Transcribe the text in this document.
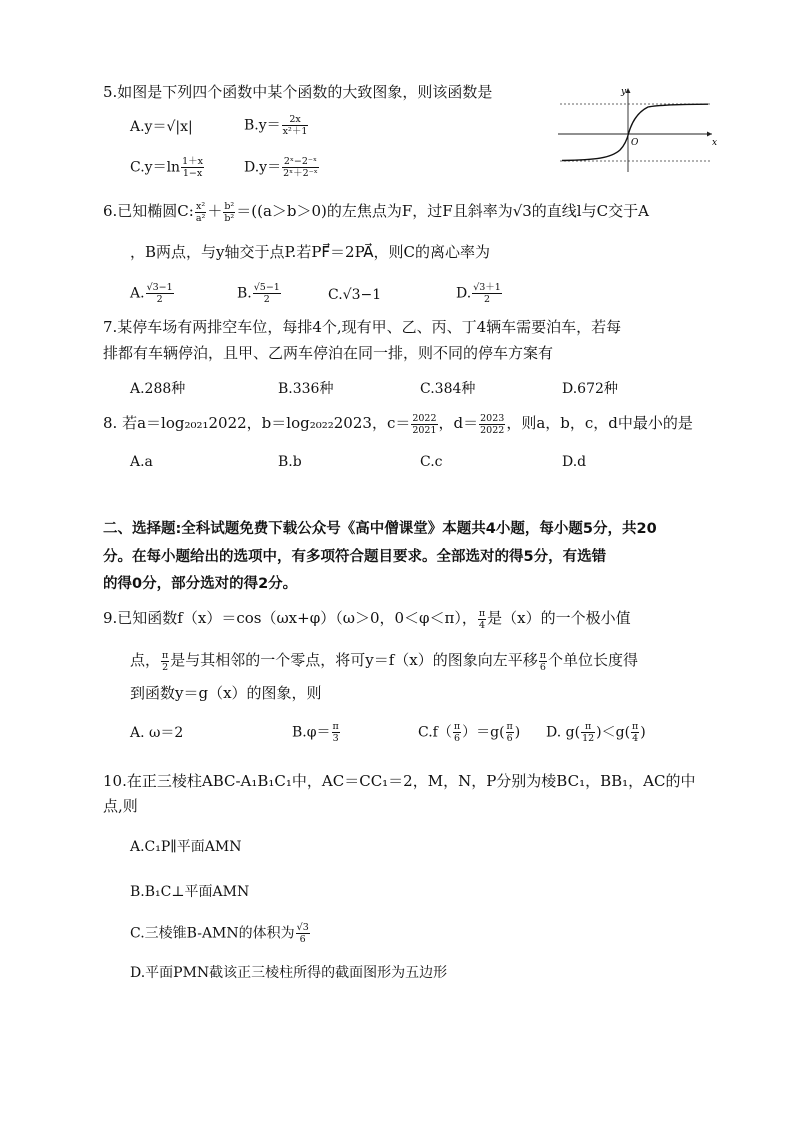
5.如图是下列四个函数中某个函数的大致图象，则该函数是
A.y＝√|x|	$B.y= \frac{2x}{\text{x²＋1}}$
$C.y=\ln \frac{1+x}{1-x}$	$D.y= \frac{\text{2ˣ−2⁻ˣ}}{\text{2ˣ＋2⁻ˣ}}$
y
x
O
6.已知椭圆C: $\frac{\text{x²}}{\text{a²}} + \frac{\text{b²}}{\text{b²}} =((a>b>0)$的左焦点为F，过F且斜率为√3的直线l与C交于A
，B两点，与y轴交于点P.若PF⃗＝2PA⃗，则C的离心率为
A. $\frac{√3-1}{2}$	B. $\frac{√5-1}{2}$	C.√3−1	D. $\frac{√3+1}{2}$
7.某停车场有两排空车位，每排4个,现有甲、乙、丙、丁4辆车需要泊车，若每
排都有车辆停泊，且甲、乙两车停泊在同一排，则不同的停车方案有
A.288种	B.336种	C.384种	D.672种
8. 若a＝log₂₀₂₁2022，b＝log₂₀₂₂2023，$c= \frac{2022}{2021}$ ，$d= \frac{2023}{2022}$ ，则a，b，c，d中最小的是
A.a	B.b	C.c	D.d
二、选择题:全科试题免费下载公众号《高中僧课堂》本题共4小题，每小题5分，共20
分。在每小题给出的选项中，有多项符合题目要求。全部选对的得5分，有选错
的得0分，部分选对的得2分。
9.已知函数f（x）＝cos（ωx+φ）（ω＞0，0＜φ＜π）， $\frac{\pi}{4}$ 是（x）的一个极小值
点， $\frac{\pi}{2}$ 是与其相邻的一个零点，将可y＝f（x）的图象向左平移 $\frac{\pi}{6}$ 个单位长度得
到函数y＝g（x）的图象，则
A. ω＝2	$B.\varphi= \frac{\pi}{3}$	$C.f( \frac{\pi}{6} )=g( \frac{\pi}{6}$ ) D. $g( \frac{\pi}{12} )<g( \frac{\pi}{4}$ )
10.在正三棱柱ABC-A₁B₁C₁中，AC＝CC₁＝2，M，N，P分别为棱BC₁，BB₁，AC的中
点,则
A.C₁P∥平面AMN
B.B₁C⊥平面AMN
C.三棱锥B-AMN的体积为 $\frac{√3}{6}$
D.平面PMN截该正三棱柱所得的截面图形为五边形
